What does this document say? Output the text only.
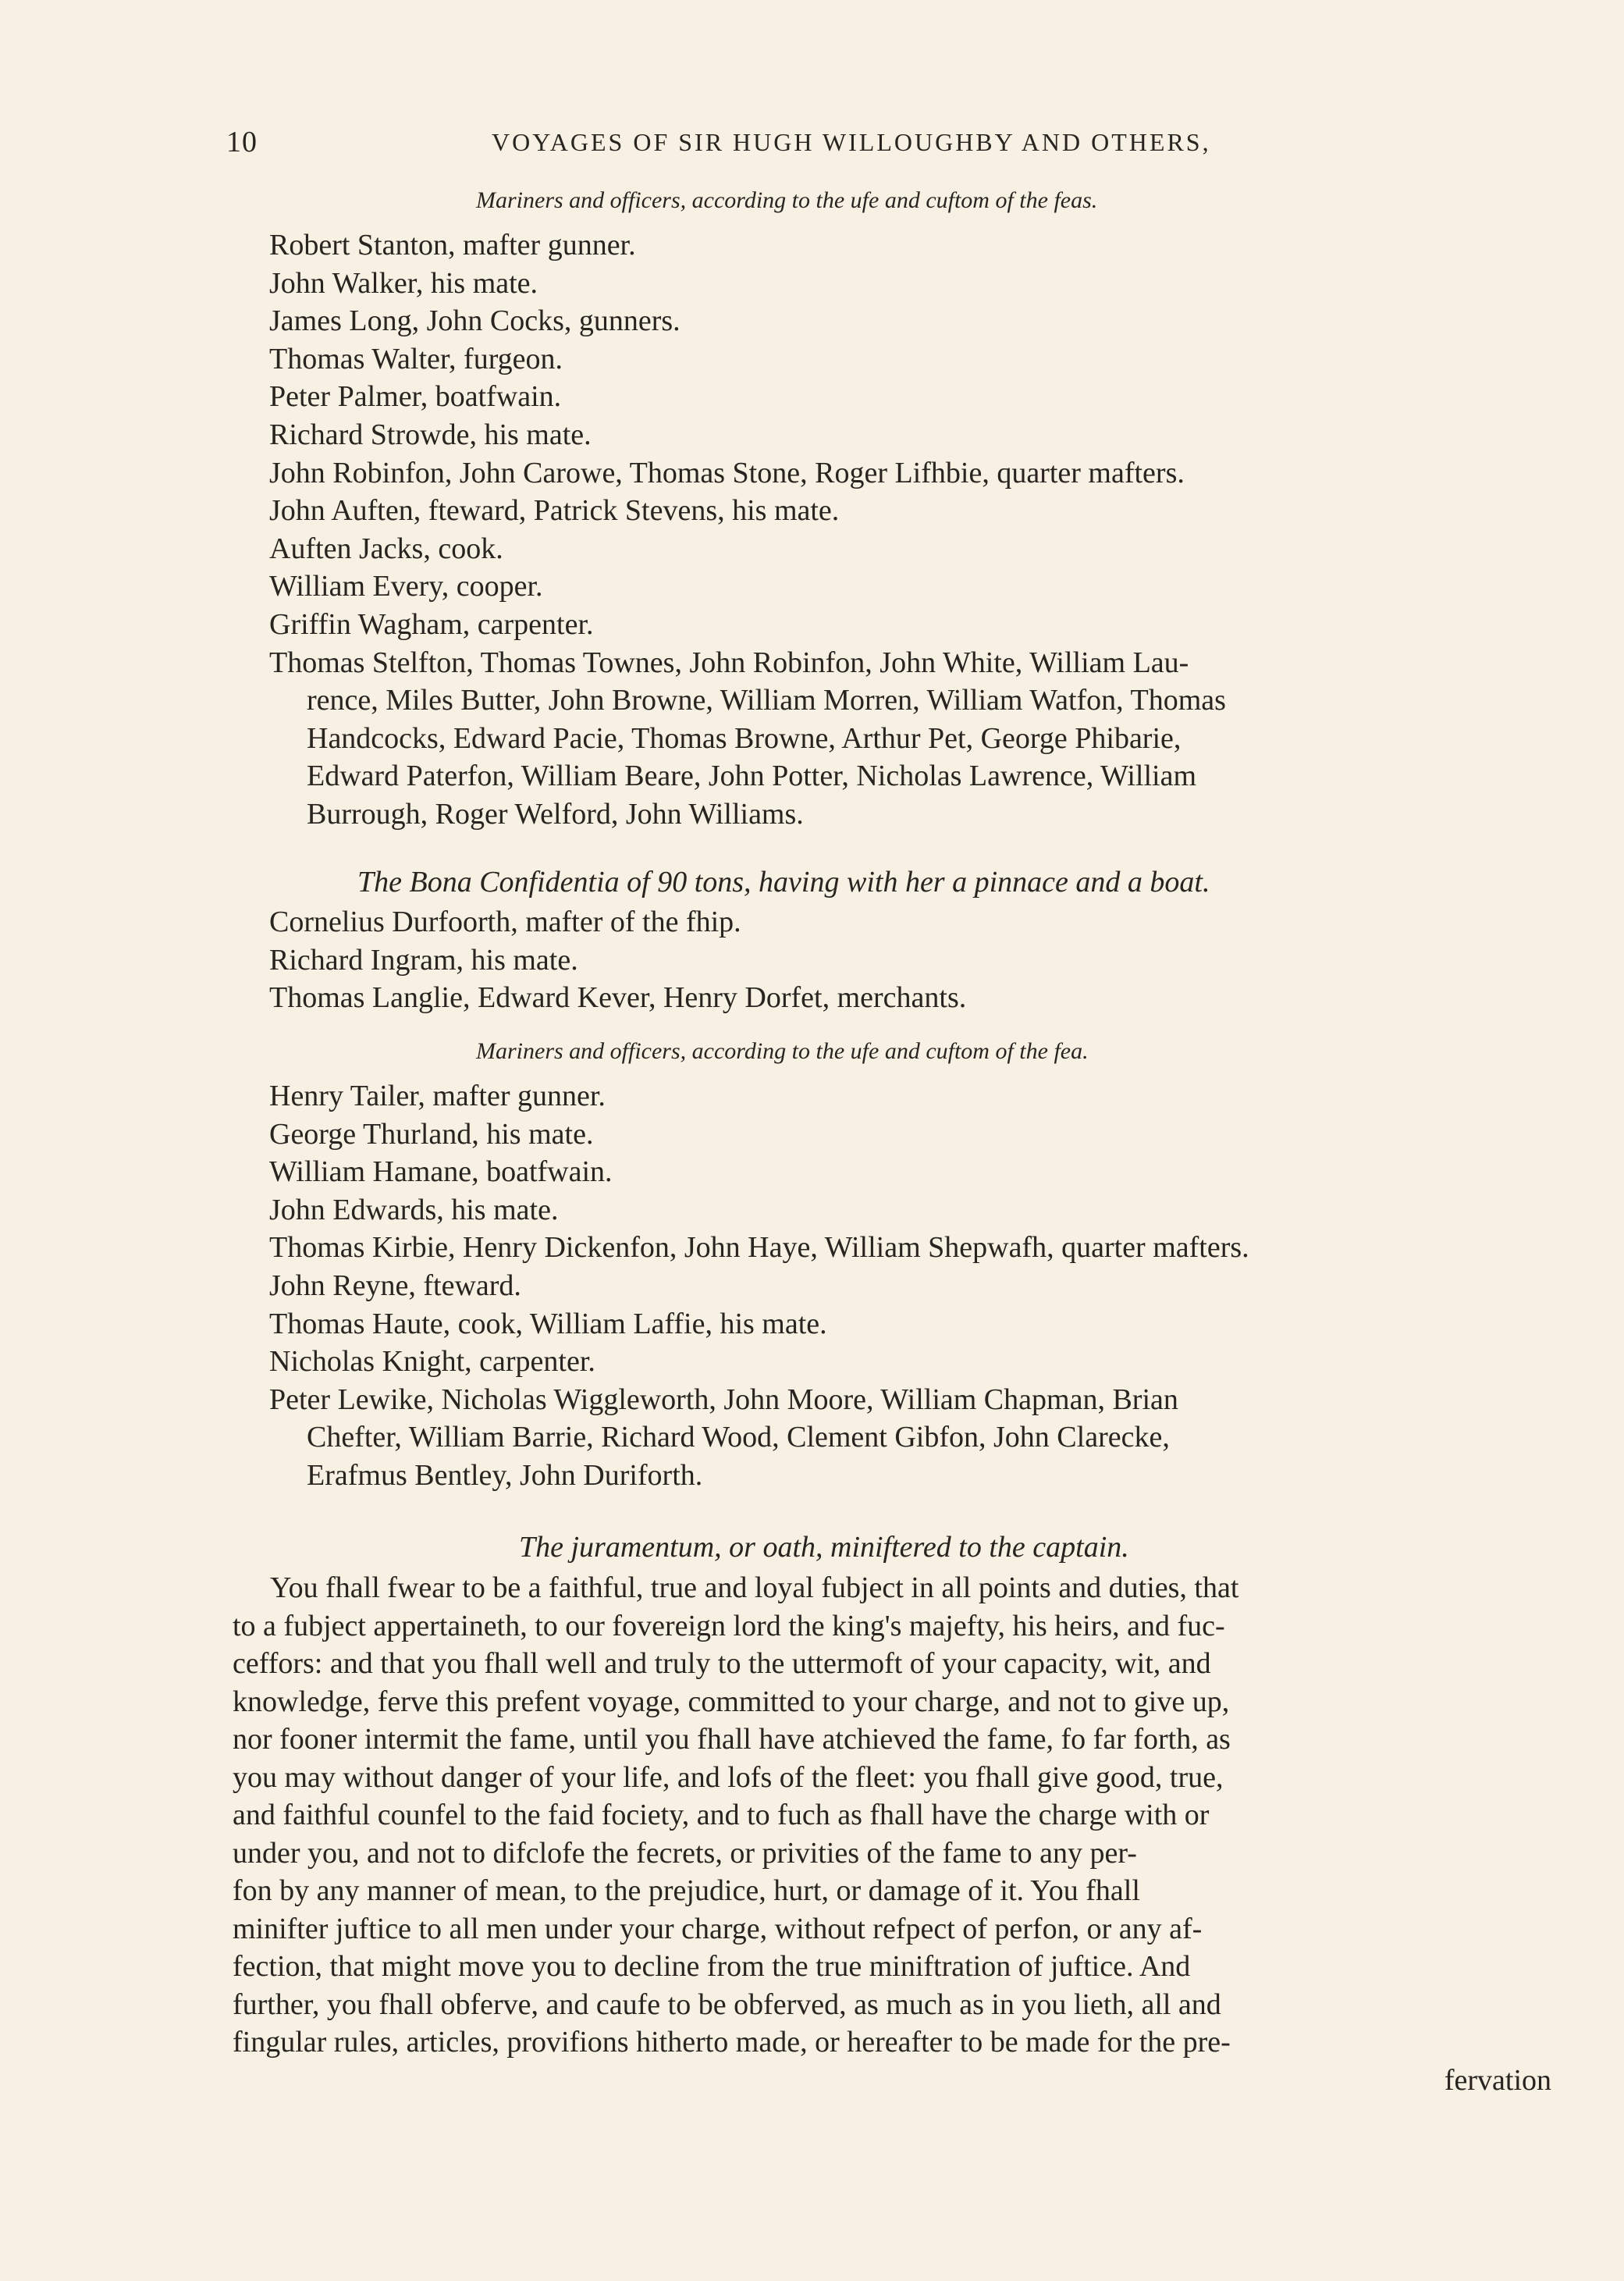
10	VOYAGES OF SIR HUGH WILLOUGHBY AND OTHERS,
Mariners and officers, according to the ufe and cuftom of the feas.

Robert Stanton, mafter gunner.

John Walker, his mate.

James Long, John Cocks, gunners.

Thomas Walter, furgeon.

Peter Palmer, boatfwain.

Richard Strowde, his mate.

John Robinfon, John Carowe, Thomas Stone, Roger Lifhbie, quarter mafters.

John Auften, fteward, Patrick Stevens, his mate.

Auften Jacks, cook.

William Every, cooper.

Griffin Wagham, carpenter.

Thomas Stelfton, Thomas Townes, John Robinfon, John White, William Lau-
rence, Miles Butter, John Browne, William Morren, William Watfon, Thomas
Handcocks, Edward Pacie, Thomas Browne, Arthur Pet, George Phibarie,
Edward Paterfon, William Beare, John Potter, Nicholas Lawrence, William
Burrough, Roger Welford, John Williams.
The Bona Confidentia of 90 tons, having with her a pinnace and a boat.

Cornelius Durfoorth, mafter of the fhip.

Richard Ingram, his mate.

Thomas Langlie, Edward Kever, Henry Dorfet, merchants.

Mariners and officers, according to the ufe and cuftom of the fea.

Henry Tailer, mafter gunner.

George Thurland, his mate.

William Hamane, boatfwain.

John Edwards, his mate.

Thomas Kirbie, Henry Dickenfon, John Haye, William Shepwafh, quarter mafters.

John Reyne, fteward.

Thomas Haute, cook, William Laffie, his mate.

Nicholas Knight, carpenter.

Peter Lewike, Nicholas Wiggleworth, John Moore, William Chapman, Brian
Chefter, William Barrie, Richard Wood, Clement Gibfon, John Clarecke,
Erafmus Bentley, John Duriforth.
The juramentum, or oath, miniftered to the captain.

You fhall fwear to be a faithful, true and loyal fubject in all points and duties, that

to a fubject appertaineth, to our fovereign lord the king's majefty, his heirs, and fuc-

ceffors: and that you fhall well and truly to the uttermoft of your capacity, wit, and

knowledge, ferve this prefent voyage, committed to your charge, and not to give up,

nor fooner intermit the fame, until you fhall have atchieved the fame, fo far forth, as

you may without danger of your life, and lofs of the fleet: you fhall give good, true,

and faithful counfel to the faid fociety, and to fuch as fhall have the charge with or

under you, and not to difclofe the fecrets, or privities of the fame to any per-

fon by any manner of mean, to the prejudice, hurt, or damage of it. You fhall

minifter juftice to all men under your charge, without refpect of perfon, or any af-

fection, that might move you to decline from the true miniftration of juftice. And

further, you fhall obferve, and caufe to be obferved, as much as in you lieth, all and

fingular rules, articles, provifions hitherto made, or hereafter to be made for the pre-

fervation
